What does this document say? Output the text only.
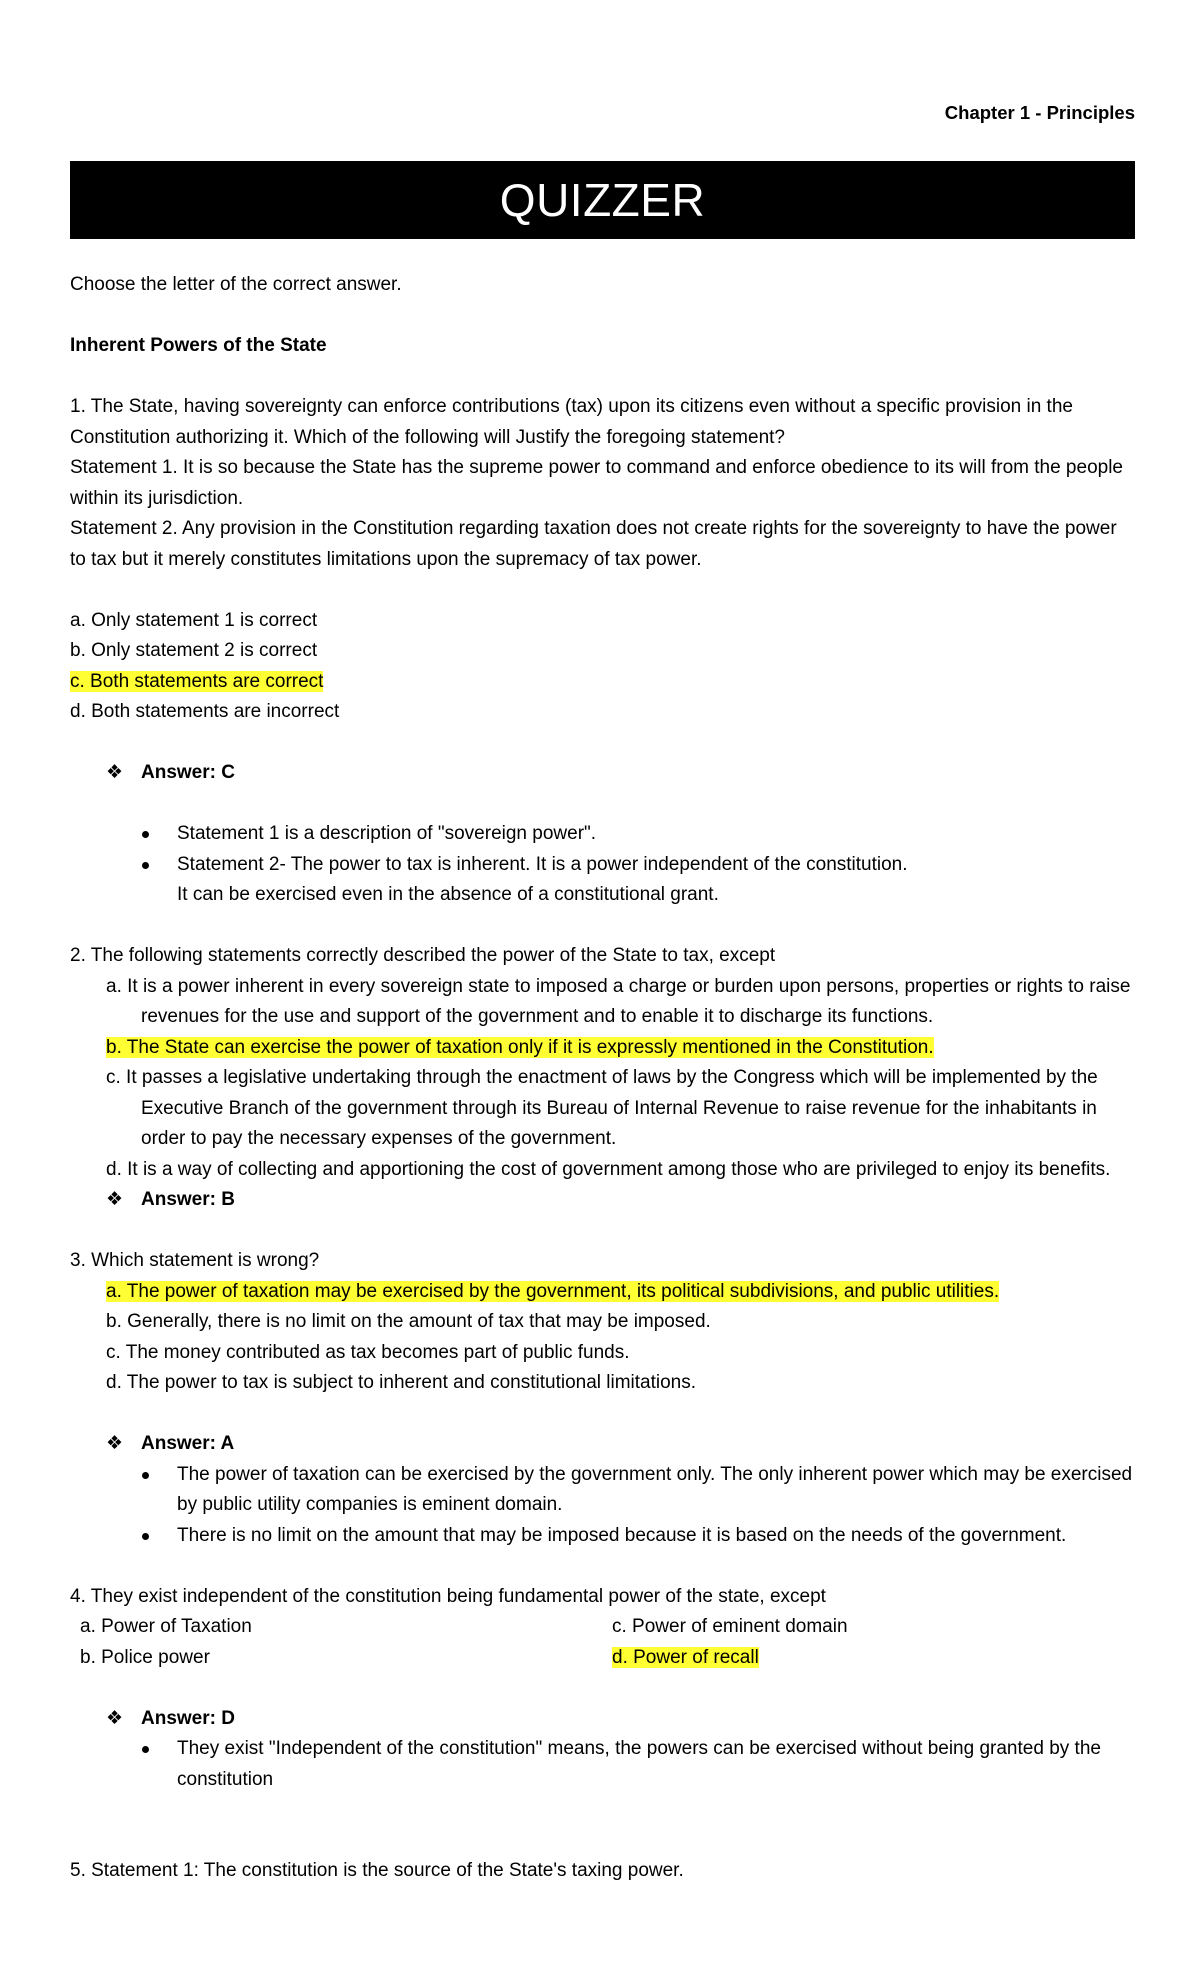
Chapter 1 - Principles
QUIZZER

Choose the letter of the correct answer.

Inherent Powers of the State

1. The State, having sovereignty can enforce contributions (tax) upon its citizens even without a specific provision in the Constitution authorizing it. Which of the following will Justify the foregoing statement?

Statement 1. It is so because the State has the supreme power to command and enforce obedience to its will from the people within its jurisdiction.

Statement 2. Any provision in the Constitution regarding taxation does not create rights for the sovereignty to have the power to tax but it merely constitutes limitations upon the supremacy of tax power.

a. Only statement 1 is correct

b. Only statement 2 is correct

c. Both statements are correct

d. Both statements are incorrect

❖ Answer: C
Statement 1 is a description of "sovereign power".
Statement 2- The power to tax is inherent. It is a power independent of the constitution.
It can be exercised even in the absence of a constitutional grant.

2. The following statements correctly described the power of the State to tax, except

a. It is a power inherent in every sovereign state to imposed a charge or burden upon persons, properties or rights to raise revenues for the use and support of the government and to enable it to discharge its functions.

b. The State can exercise the power of taxation only if it is expressly mentioned in the Constitution.

c. It passes a legislative undertaking through the enactment of laws by the Congress which will be implemented by the Executive Branch of the government through its Bureau of Internal Revenue to raise revenue for the inhabitants in order to pay the necessary expenses of the government.

d. It is a way of collecting and apportioning the cost of government among those who are privileged to enjoy its benefits.

❖ Answer: B

3. Which statement is wrong?

a. The power of taxation may be exercised by the government, its political subdivisions, and public utilities.

b. Generally, there is no limit on the amount of tax that may be imposed.

c. The money contributed as tax becomes part of public funds.

d. The power to tax is subject to inherent and constitutional limitations.

❖ Answer: A
The power of taxation can be exercised by the government only. The only inherent power which may be exercised by public utility companies is eminent domain.
There is no limit on the amount that may be imposed because it is based on the needs of the government.

4. They exist independent of the constitution being fundamental power of the state, except

a. Power of Taxation

b. Police power

c. Power of eminent domain

d. Power of recall

❖ Answer: D
They exist "Independent of the constitution" means, the powers can be exercised without being granted by the constitution

5. Statement 1: The constitution is the source of the State's taxing power.
